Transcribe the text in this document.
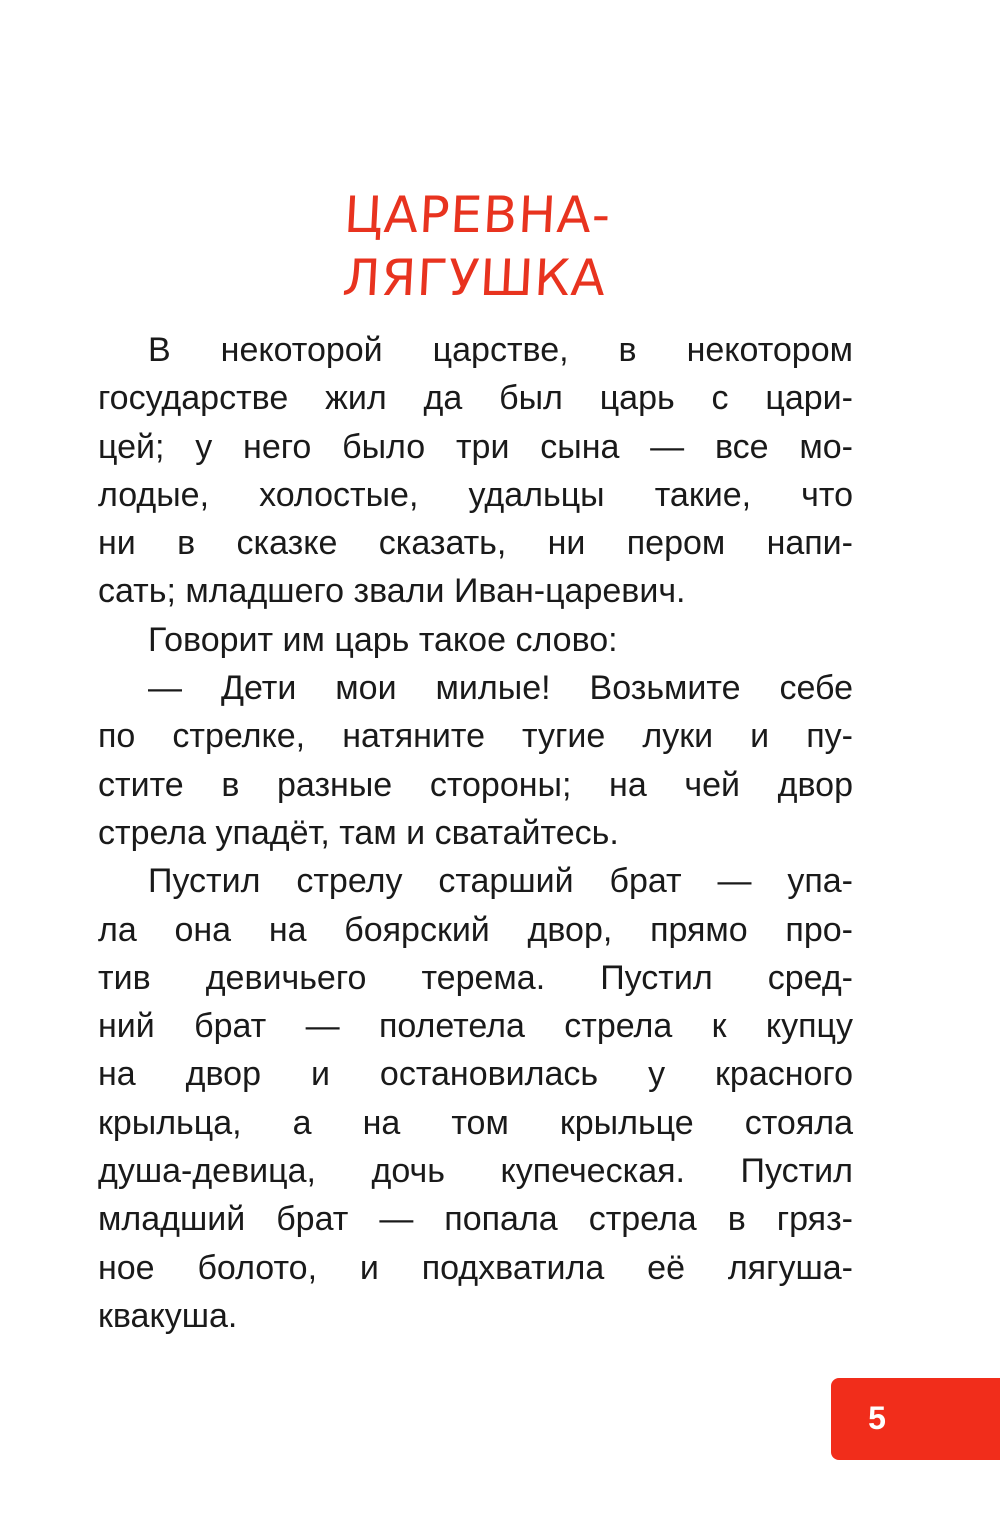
ЦАРЕВНА-
ЛЯГУШКА
В некоторой царстве, в некотором
государстве жил да был царь с цари-
цей; у него было три сына — все мо-
лодые, холостые, удальцы такие, что
ни в сказке сказать, ни пером напи-
сать; младшего звали Иван-царевич.
Говорит им царь такое слово:
— Дети мои милые! Возьмите себе
по стрелке, натяните тугие луки и пу-
стите в разные стороны; на чей двор
стрела упадёт, там и сватайтесь.
Пустил стрелу старший брат — упа-
ла она на боярский двор, прямо про-
тив девичьего терема. Пустил сред-
ний брат — полетела стрела к купцу
на двор и остановилась у красного
крыльца, а на том крыльце стояла
душа-девица, дочь купеческая. Пустил
младший брат — попала стрела в гряз-
ное болото, и подхватила её лягуша-
квакуша.
5
